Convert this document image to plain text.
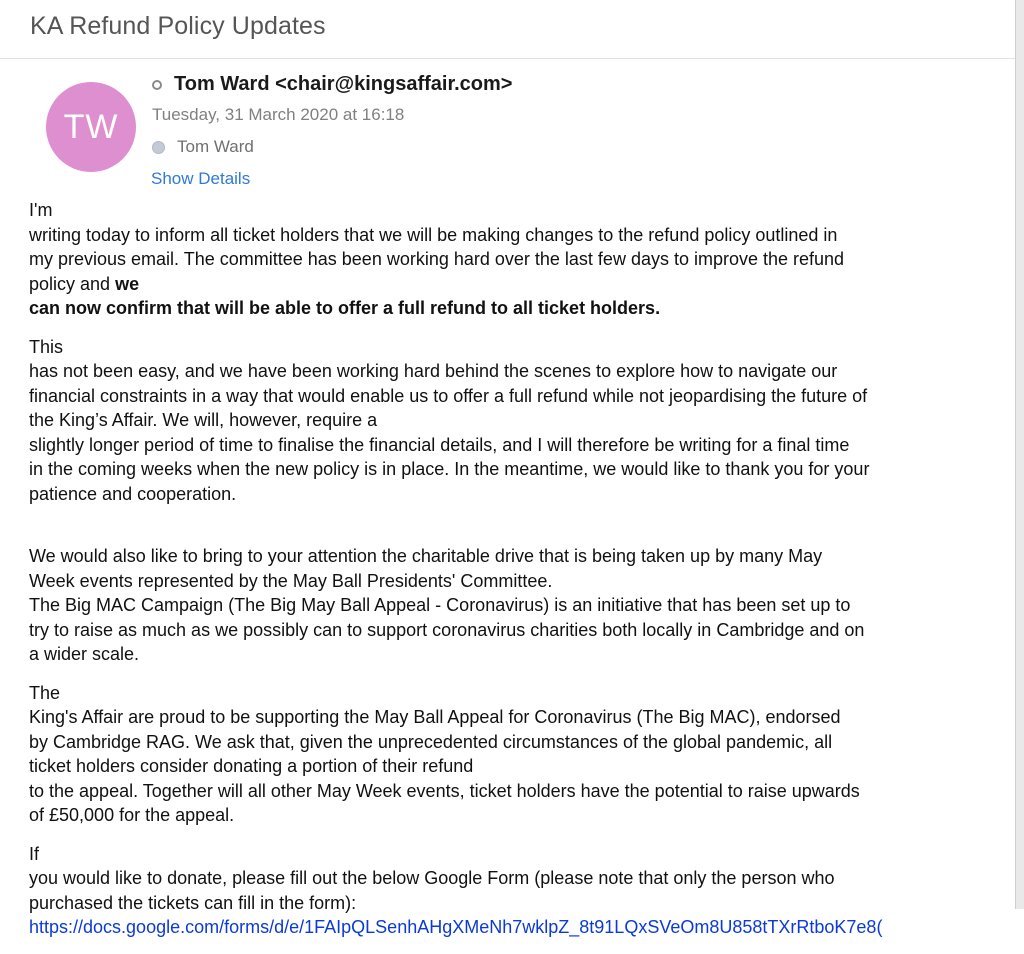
KA Refund Policy Updates
TW
Tom Ward <chair@kingsaffair.com>
Tuesday, 31 March 2020 at 16:18
Tom Ward
Show Details

I'm
writing today to inform all ticket holders that we will be making changes to the refund policy outlined in
my previous email. The committee has been working hard over the last few days to improve the refund
policy and we
can now confirm that will be able to offer a full refund to all ticket holders.

This
has not been easy, and we have been working hard behind the scenes to explore how to navigate our
financial constraints in a way that would enable us to offer a full refund while not jeopardising the future of
the King’s Affair. We will, however, require a
slightly longer period of time to finalise the financial details, and I will therefore be writing for a final time
in the coming weeks when the new policy is in place. In the meantime, we would like to thank you for your
patience and cooperation.

We would also like to bring to your attention the charitable drive that is being taken up by many May
Week events represented by the May Ball Presidents' Committee.
The Big MAC Campaign (The Big May Ball Appeal - Coronavirus) is an initiative that has been set up to
try to raise as much as we possibly can to support coronavirus charities both locally in Cambridge and on
a wider scale.

The
King's Affair are proud to be supporting the May Ball Appeal for Coronavirus (The Big MAC), endorsed
by Cambridge RAG. We ask that, given the unprecedented circumstances of the global pandemic, all
ticket holders consider donating a portion of their refund
to the appeal. Together will all other May Week events, ticket holders have the potential to raise upwards
of £50,000 for the appeal.

If
you would like to donate, please fill out the below Google Form (please note that only the person who
purchased the tickets can fill in the form):
https://docs.google.com/forms/d/e/1FAIpQLSenhAHgXMeNh7wklpZ_8t91LQxSVeOm8U858tTXrRtboK7e8(
